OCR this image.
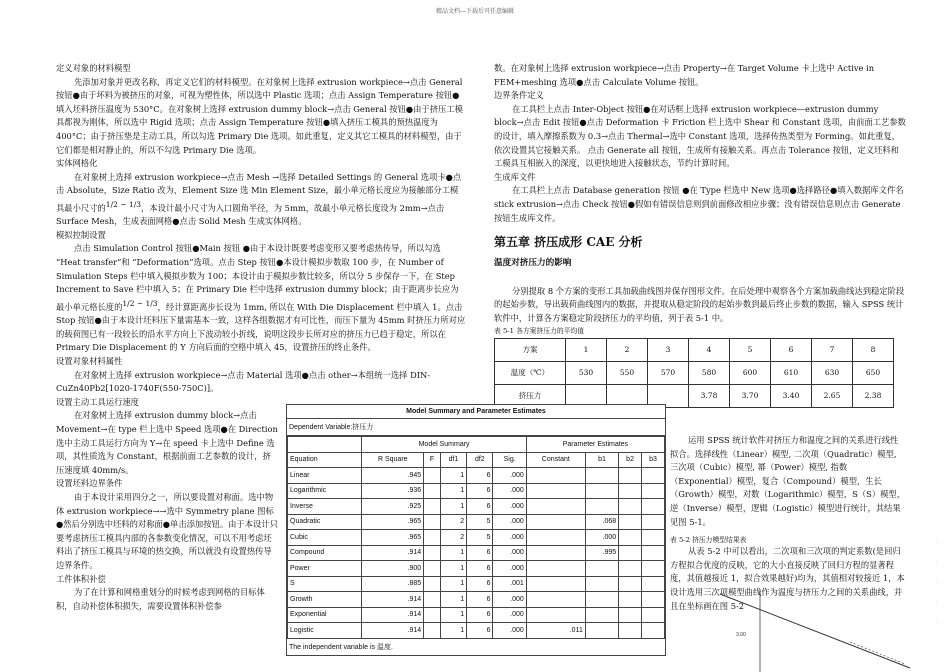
精品文档---下载后可任意编辑

定义对象的材料模型

先添加对象并更改名称，再定义它们的材料模型。在对象树上选择 extrusion workpiece→点击 General 按钮●由于坏料为被挤压的对象，可视为塑性体，所以选中 Plastic 选项；点击 Assign Temperature 按钮●填入坯料挤压温度为 530°C。在对象树上选择 extrusion dummy block→点击 General 按钮●由于挤压工模具都视为刚体，所以选中 Rigid 选项；点击 Assign Temperature 按钮●填入挤压工模具的预热温度为 400°C；由于挤压垫是主动工具，所以勾选 Primary Die 选项。如此重复，定义其它工模具的材料模型，由于它们都是相对静止的，所以不勾选 Primary Die 选项。

实体网格化

在对象树上选择 extrusion workpiece→点击 Mesh →选择 Detailed Settings 的 General 选项卡●点击 Absolute，Size Ratio 改为，Element Size 选 Min Element Size，最小单元格长度应为接触部分工模具最小尺寸的$^{1/2 \sim 1/3}$，本设计最小尺寸为入口圆角半径，为 5mm，故最小单元格长度设为 2mm→点击 Surface Mesh，生成表面网格●点击 Solid Mesh 生成实体网格。

模拟控制设置

点击 Simulation Control 按钮●Main 按钮 ●由于本设计既要考虑变形又要考虑热传导，所以勾选 “Heat transfer”和 “Deformation”选项。点击 Step 按钮●本设计模拟步数取 100 步，在 Number of Simulation Steps 栏中填入模拟步数为 100；本设计由于模拟步数比较多，所以分 5 步保存一下，在 Step Increment to Save 栏中填入 5；在 Primary Die 栏中选择 extrusion dummy block；由于距离步长应为最小单元格长度的$^{1/2 \sim 1/3}$，经计算距离步长设为 1mm, 所以在 With Die Displacement 栏中填入 1。点击 Stop 按钮●由于本设计坯料压下量需基本一致，这样各组数据才有可比性，而压下量为 45mm 时挤压力所对应的载荷图已有一段较长的沿水平方向上下波动较小折线，说明这段步长所对应的挤压力已趋于稳定，所以在 Primary Die Displacement 的 Y 方向后面的空格中填入 45，设置挤压的终止条件。

设置对象材料属性

在对象树上选择 extrusion workpiece→点击 Material 选项●点击 other→本组统一选择 DIN-CuZn40Pb2[1020-1740F(550-750C)]。

设置主动工具运行速度

在对象树上选择 extrusion dummy block→点击 Movement→在 type 栏上选中 Speed 选项●在 Direction 选中主动工具运行方向为 Y→在 speed 卡上选中 Define 选项，其性质选为 Constant，根据前面工艺参数的设计，挤压速度填 40mm/s。

设置坯料边界条件

由于本设计采用四分之一，所以要设置对称面。选中物体 extrusion workpiece→→选中 Symmetry plane 图标●然后分别选中坯料的对称面●单击添加按钮。由于本设计只要考虑挤压工模具内部的各参数变化情况，可以不用考虑坯料出了挤压工模具与环境的热交换，所以就没有设置热传导边界条件。

工件体积补偿

为了在计算和网格重划分的时候考虑到网格的目标体积，自动补偿体积损失，需要设置体积补偿参

数。在对象树上选择 extrusion workpiece→点击 Property→在 Target Volume 卡上选中 Active in FEM+meshing 选项●点击 Calculate Volume 按钮。

边界条件定义

在工具栏上点击 Inter-Object 按钮●在对话框上选择 extrusion workpiece—extrusion dummy block→点击 Edit 按钮●点击 Deformation 卡 Friction 栏上选中 Shear 和 Constant 选项，由前面工艺参数的设计，填入摩擦系数为 0.3→点击 Thermal→选中 Constant 选项，选择传热类型为 Forming。如此重复，依次设置其它接触关系。 点击 Generate all 按钮，生成所有接触关系。再点击 Tolerance 按钮，定义坯料和工模具互相嵌入的深度，以更快地进入接触状态，节约计算时间。

生成库文件

在工具栏上点击 Database generation 按钮 ●在 Type 栏选中 New 选项●选择路径●填入数据库文件名 stick extrusion→点击 Check 按钮●假如有错误信息则到前面修改相应步骤；没有错误信息则点击 Generate 按钮生成库文件。

第五章 挤压成形 CAE 分析
温度对挤压力的影响

分别提取 8 个方案的变形工具加载曲线图并保存图形文件。在后处理中观察各个方案加载曲线达到稳定阶段的起始步数，导出载荷曲线图内的数据，并提取从稳定阶段的起始步数到最后终止步数的数据，输入 SPSS 统计软件中，计算各方案稳定阶段挤压力的平均值，列于表 5-1 中。

表 5-1 各方案挤压力的平均值

方案	1	2	3	4	5	6	7	8
温度（℃）	530	550	570	580	600	610	630	650
挤压力				3.78	3.70	3.40	2.65	2.38

运用 SPSS 统计软件对挤压力和温度之间的关系进行线性拟合。选择线性（Linear）模型, 二次项（Quadratic）模型, 三次项（Cubic）模型, 幂（Power）模型, 指数（Exponential）模型，复合（Compound）模型，生长（Growth）模型，对数（Logarithmic）模型，S（S）模型，逆（Inverse）模型，逻辑（Logistic）模型进行统计，其结果见图 5-1。

表 5-2 挤压力模型结果表

从表 5-2 中可以看出，二次项和三次项的判定系数(是回归方程拟合优度的反映，它的大小直接反映了回归方程的显著程度，其值越接近 1，拟合效果越好)均为，其值相对较接近 1，本设计选用三次项模型曲线作为温度与挤压力之间的关系曲线，并且在坐标画在图 5-2

3.00
Model Summary and Parameter Estimates
Dependent Variable:挤压力
	Model Summary					Parameter Estimates			
Equation	R Square	F	df1	df2	Sig.	Constant	b1	b2	b3
Linear	.945		1	6	.000				
Logarithmic	.936		1	6	.000				
Inverse	.925		1	6	.000				
Quadratic	.965		2	5	.000		.068		
Cubic	.965		2	5	.000		.000		
Compound	.914		1	6	.000		.995		
Power	.900		1	6	.000				
S	.885		1	6	.001				
Growth	.914		1	6	.000				
Exponential	.914		1	6	.000				
Logistic	.914		1	6	.000	.011			
The independent variable is 温度.
·
·
·
·
·
